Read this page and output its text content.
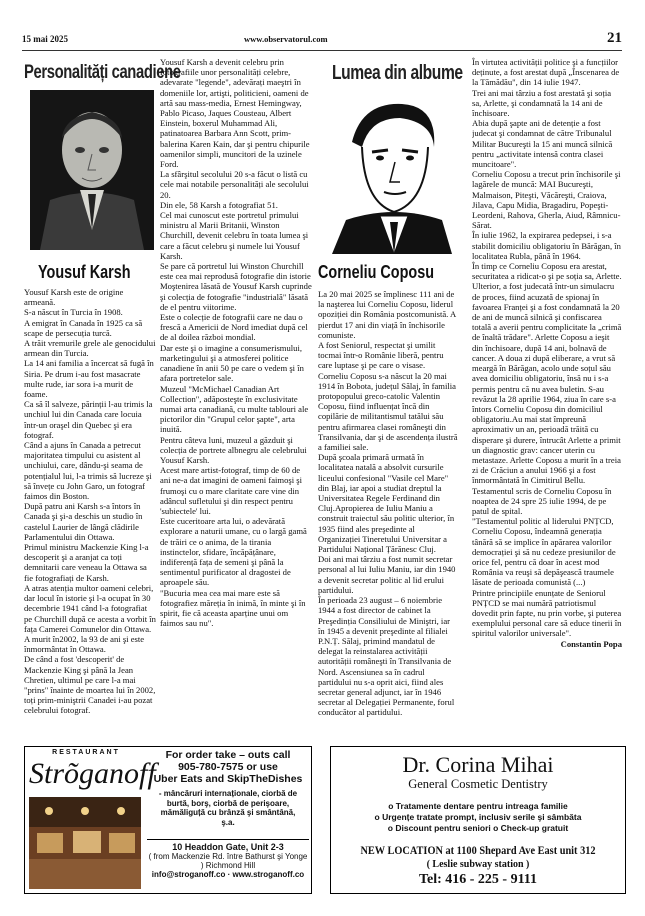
15 mai 2025	www.observatorul.com	21
Personalități canadiene
Yousuf Karsh

Yousuf Karsh este de origine armeană.

S-a născut în Turcia în 1908.

A emigrat în Canada în 1925 ca să scape de persecuția turcă.

A trăit vremurile grele ale genocidului armean din Turcia.

La 14 ani familia a încercat să fugă în Siria. Pe drum i-au fost masacrate multe rude, iar sora i-a murit de foame.

Ca să îl salveze, părinții l-au trimis la unchiul lui din Canada care locuia într-un oraşel din Quebec şi era fotograf.

Când a ajuns în Canada a petrecut majoritatea timpului cu asistent al unchiului, care, dându-şi seama de potențialul lui, l-a trimis să lucreze şi să învețe cu John Garo, un fotograf faimos din Boston.

După patru ani Karsh s-a întors în Canada şi şi-a deschis un studio în castelul Laurier de lângă clădirile Parlamentului din Ottawa.

Primul ministru Mackenzie King l-a descoperit şi a aranjat ca toți demnitarii care veneau la Ottawa sa fie fotografiați de Karsh.

A atras atenția multor oameni celebri, dar locul în istorie şi l-a ocupat în 30 decembrie 1941 când l-a fotografiat pe Churchill după ce acesta a vorbit în fața Camerei Comunelor din Ottawa.

A murit în2002, la 93 de ani şi este înmormântat în Ottawa.

De când a fost 'descoperit' de Mackenzie King şi până la Jean Chretien, ultimul pe care l-a mai "prins" înainte de moartea lui în 2002, toți prim-miniştrii Canadei i-au pozat celebrului fotograf.

Yousuf Karsh a devenit celebru prin fotografiile unor personalități celebre, adevarate "legende", adevărați maeştri în domeniile lor, artişti, politicieni, oameni de artă sau mass-media, Ernest Hemingway, Pablo Picaso, Jaques Cousteau, Albert Einstein, boxerul Muhammad Ali, patinatoarea Barbara Ann Scott, prim-balerina Karen Kain, dar şi pentru chipurile oamenilor simpli, muncitori de la uzinele Ford.

La sfârşitul secolului 20 s-a făcut o listă cu cele mai notabile personalități ale secolului 20.

Din ele, 58 Karsh a fotografiat 51.

Cel mai cunoscut este portretul primului ministru al Marii Britanii, Winston Churchill, devenit celebru în toata lumea şi care a făcut celebru şi numele lui Yousuf Karsh.

Se pare că portretul lui Winston Churchill este cea mai reprodusă fotografie din istorie

Moştenirea lăsată de Yousuf Karsh cuprinde şi colecția de fotografie "industrială" lăsată de el pentru viitorime.

Este o colecție de fotografii care ne dau o frescă a Americii de Nord imediat după cel de al doilea război mondial.

Dar este şi o imagine a consumerismului, marketingului şi a atmosferei politice canadiene în anii 50 pe care o vedem şi în afara portretelor sale.

Muzeul "McMichael Canadian Art Collection", adăposteşte în exclusivitate numai arta canadiană, cu multe tablouri ale pictorilor din "Grupul celor şapte", arta inuită.

Pentru câteva luni, muzeul a găzduit şi colecția de portrete albnegru ale celebrului Yousuf Karsh.

Acest mare artist-fotograf, timp de 60 de ani ne-a dat imagini de oameni faimoşi şi frumoşi cu o mare claritate care vine din adâncul sufletului şi din respect pentru 'subiectele' lui.

Este cuceritoare arta lui, o adevărată explorare a naturii umane, cu o largă gamă de trăiri ce o anima, de la tirania instinctelor, sfidare, încăpățânare, indiferență fața de semeni şi până la sentimentul purificator al dragostei de aproapele său.

"Bucuria mea cea mai mare este să fotografiez măreția în inimă, în minte şi în spirit, fie că aceasta aparține unui om faimos sau nu".

Lumea din albume
Corneliu Coposu

La 20 mai 2025 se împlinesc 111 ani de la naşterea lui Corneliu Coposu, liderul opoziției din România postcomunistă. A pierdut 17 ani din viață în închisorile comuniste.

A fost Seniorul, respectat şi umilit tocmai într-o Românie liberă, pentru care luptase şi pe care o visase.

Corneliu Coposu s-a născut la 20 mai 1914 în Bobota, județul Sălaj, în familia protopopului greco-catolic Valentin Coposu, fiind influențat încă din copilărie de militantismul tatălui său pentru afirmarea clasei româneşti din Transilvania, dar şi de ascendența ilustră a familiei sale.

După şcoala primară urmată în localitatea natală a absolvit cursurile liceului confesional "Vasile cel Mare" din Blaj, iar apoi a studiat dreptul la Universitatea Regele Ferdinand din Cluj.Apropierea de Iuliu Maniu a construit traiectul său politic ulterior, în 1935 fiind ales preşedinte al Organizației Tineretului Universitar a Partidului Național Țărănesc Cluj.

Doi ani mai târziu a fost numit secretar personal al lui Iuliu Maniu, iar din 1940 a devenit secretar politic al lid erului partidului.

În perioada 23 august – 6 noiembrie 1944 a fost director de cabinet la Preşedinția Consiliului de Miniştri, iar în 1945 a devenit preşedinte al filialei P.N.Ț. Sălaj, primind mandatul de delegat la reinstalarea activității autorității româneşti în Transilvania de Nord. Ascensiunea sa în cadrul partidului nu s-a oprit aici, fiind ales secretar general adjunct, iar în 1946 secretar al Delegației Permanente, forul conducător al partidului.

În virtutea activității politice şi a funcțiilor deținute, a fost arestat după „Înscenarea de la Tămădău", din 14 iulie 1947.

Trei ani mai târziu a fost arestată şi soția sa, Arlette, şi condamnată la 14 ani de închisoare.

Abia după şapte ani de detenție a fost judecat şi condamnat de către Tribunalul Militar Bucureşti la 15 ani muncă silnică pentru „activitate intensă contra clasei muncitoare".

Corneliu Coposu a trecut prin închisorile şi lagărele de muncă: MAI Bucureşti, Malmaison, Piteşti, Văcăreşti, Craiova, Jilava, Capu Midia, Bragadiru, Popeşti-Leordeni, Rahova, Gherla, Aiud, Râmnicu-Sărat.

În iulie 1962, la expirarea pedepsei, i s-a stabilit domiciliu obligatoriu în Bărăgan, în localitatea Rubla, până în 1964.

În timp ce Corneliu Coposu era arestat, securitatea a ridicat-o şi pe soția sa, Arlette. Ulterior, a fost judecată într-un simulacru de proces, fiind acuzată de spionaj în favoarea Franței şi a fost condamnată la 20 de ani de muncă silnică şi confiscarea totală a averii pentru complicitate la „crimă de înaltă trădare". Arlette Coposu a ieşit din închisoare, după 14 ani, bolnavă de cancer. A doua zi după eliberare, a vrut să meargă în Bărăgan, acolo unde soțul său avea domiciliu obligatoriu, însă nu i s-a permis pentru că nu avea buletin. S-au revăzut la 28 aprilie 1964, ziua în care s-a întors Corneliu Coposu din domiciliul obligatoriu.Au mai stat împreună aproximativ un an, perioadă trăită cu disperare şi durere, întrucât Arlette a primit un diagnostic grav: cancer uterin cu metastaze. Arlette Coposu a murit în a treia zi de Crăciun a anului 1966 şi a fost înmormântată în Cimitirul Bellu.

Testamentul scris de Corneliu Coposu în noaptea de 24 spre 25 iulie 1994, de pe patul de spital.

"Testamentul politic al liderului PNȚCD, Corneliu Coposu, îndeamnă generația tânără să se implice în apărarea valorilor democrației şi să nu cedeze presiunilor de orice fel, pentru că doar în acest mod România va reuşi să depăşească traumele lăsate de perioada comunistă (...)

Printre principiile enunțate de Seniorul PNȚCD se mai numără patriotismul dovedit prin fapte, nu prin vorbe, şi puterea exemplului personal care să educe tinerii în spiritul valorilor universale".

Constantin Popa

RESTAURANT
Strõganoff
For order take – outs call
905-780-7575 or use
Uber Eats and SkipTheDishes
- mâncăruri internaționale, ciorbă de burtă, borş, ciorbă de perişoare, mămăliguță cu brânză şi smântână, ş.a.
10 Headdon Gate, Unit 2-3
( from Mackenzie Rd. între Bathurst şi Yonge ) Richmond Hill
info@stroganoff.co · www.stroganoff.co
Dr. Corina Mihai
General Cosmetic Dentistry
o Tratamente dentare pentru intreaga familie
o Urgențe tratate prompt, inclusiv serile şi sâmbăta
o Discount pentru seniori o Check-up gratuit
NEW LOCATION at 1100 Shepard Ave East unit 312
( Leslie subway station )
Tel: 416 - 225 - 9111
